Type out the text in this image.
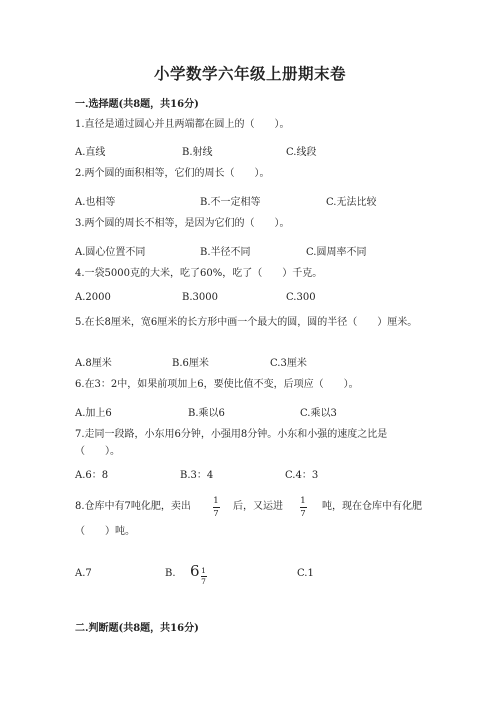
小学数学六年级上册期末卷
一.选择题(共8题，共16分)
1.直径是通过圆心并且两端都在圆上的（　　）。
A.直线	B.射线	C.线段
2.两个圆的面积相等，它们的周长（　　）。
A.也相等	B.不一定相等	C.无法比较
3.两个圆的周长不相等，是因为它们的（　　）。
A.圆心位置不同	B.半径不同	C.圆周率不同
4.一袋5000克的大米，吃了60%，吃了（　　）千克。
A.2000	B.3000	C.300
5.在长8厘米，宽6厘米的长方形中画一个最大的圆，圆的半径（　　）厘米。
A.8厘米	B.6厘米	C.3厘米
6.在3：2中，如果前项加上6，要使比值不变，后项应（　　）。
A.加上6	B.乘以6	C.乘以3
7.走同一段路，小东用6分钟，小强用8分钟。小东和小强的速度之比是（　　）。
A.6：8	B.3：4	C.4：3
8.仓库中有7吨化肥，卖出	1
7
后，又运进 1
7
吨，现在仓库中有化肥
（　　）吨。
A.7	B. $6 \frac{1}{7}$	C.1
二.判断题(共8题，共16分)
